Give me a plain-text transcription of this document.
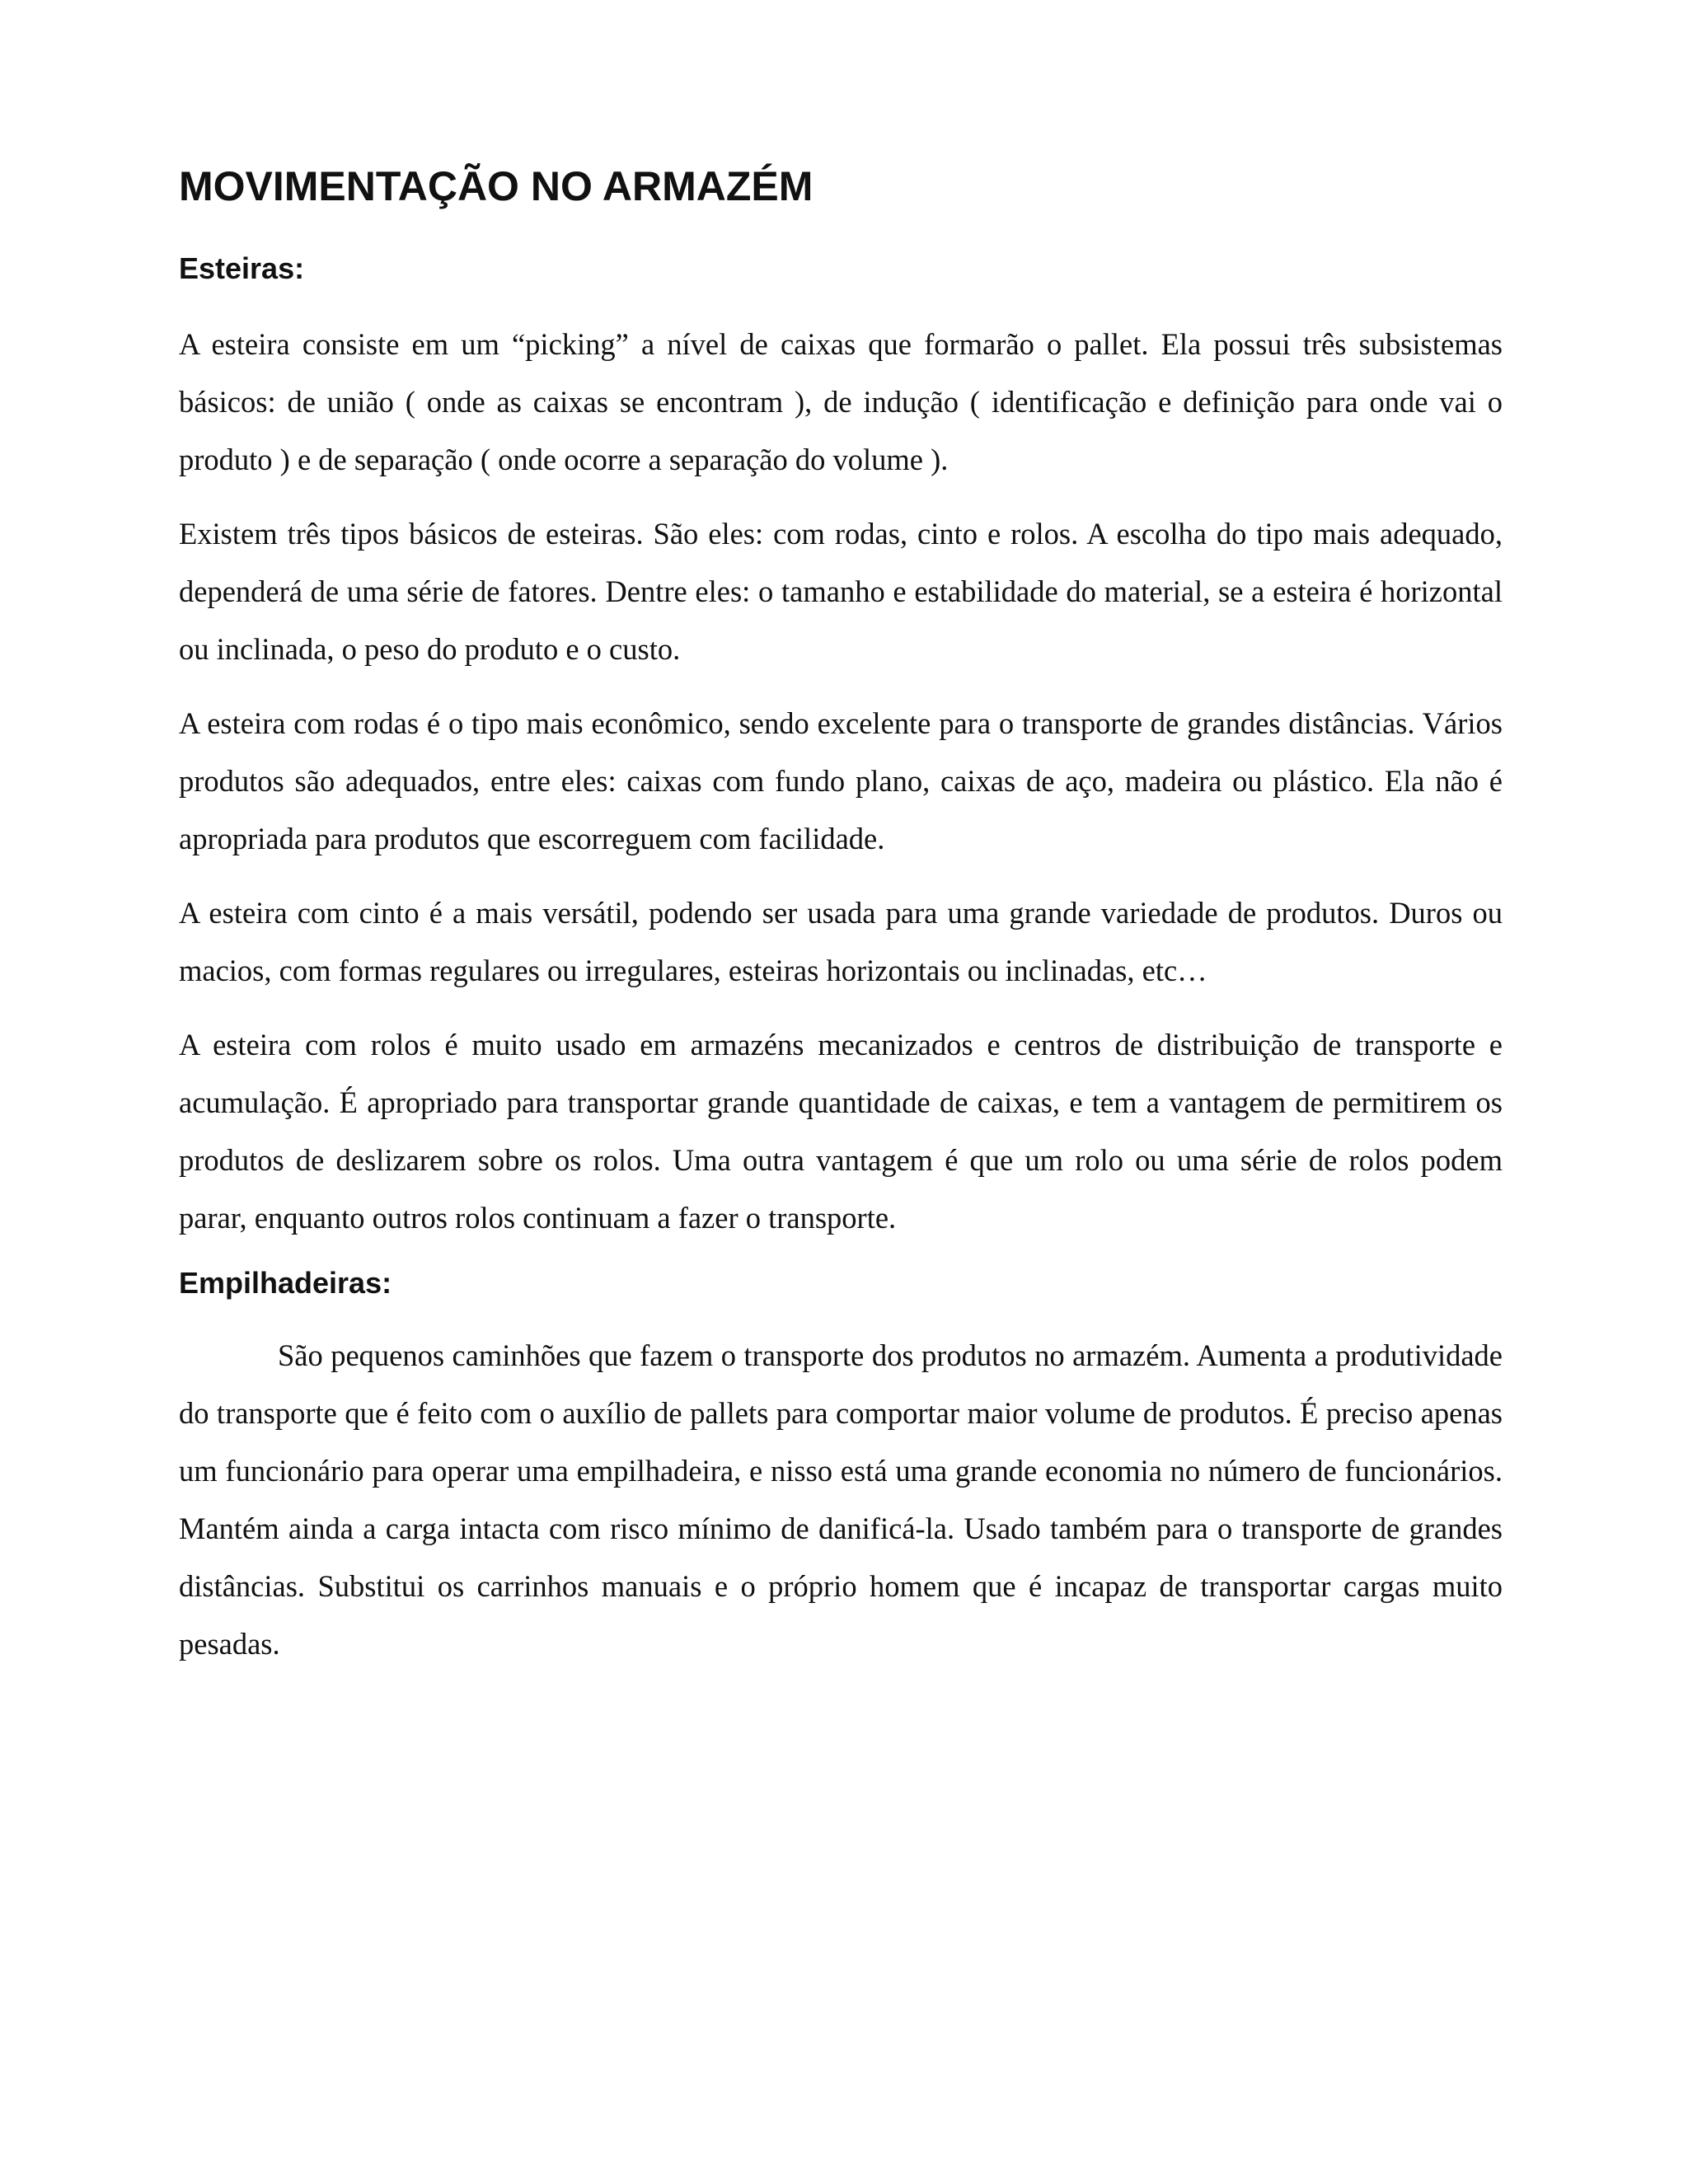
MOVIMENTAÇÃO NO ARMAZÉM
Esteiras:

A esteira consiste em um “picking” a nível de caixas que formarão o pallet. Ela possui três subsistemas básicos: de união ( onde as caixas se encontram ), de indução ( identificação e definição para onde vai o produto ) e de separação ( onde ocorre a separação do volume ).

Existem três tipos básicos de esteiras. São eles: com rodas, cinto e rolos. A escolha do tipo mais adequado, dependerá de uma série de fatores. Dentre eles: o tamanho e estabilidade do material, se a esteira é horizontal ou inclinada, o peso do produto e o custo.

A esteira com rodas é o tipo mais econômico, sendo excelente para o transporte de grandes distâncias. Vários produtos são adequados, entre eles: caixas com fundo plano, caixas de aço, madeira ou plástico. Ela não é apropriada para produtos que escorreguem com facilidade.

A esteira com cinto é a mais versátil, podendo ser usada para uma grande variedade de produtos. Duros ou macios, com formas regulares ou irregulares, esteiras horizontais ou inclinadas, etc…

A esteira com rolos é muito usado em armazéns mecanizados e centros de distribuição de transporte e acumulação. É apropriado para transportar grande quantidade de caixas, e tem a vantagem de permitirem os produtos de deslizarem sobre os rolos. Uma outra vantagem é que um rolo ou uma série de rolos podem parar, enquanto outros rolos continuam a fazer o transporte.

Empilhadeiras:

São pequenos caminhões que fazem o transporte dos produtos no armazém. Aumenta a produtividade do transporte que é feito com o auxílio de pallets para comportar maior volume de produtos. É preciso apenas um funcionário para operar uma empilhadeira, e nisso está uma grande economia no número de funcionários. Mantém ainda a carga intacta com risco mínimo de danificá-la. Usado também para o transporte de grandes distâncias. Substitui os carrinhos manuais e o próprio homem que é incapaz de transportar cargas muito pesadas.
